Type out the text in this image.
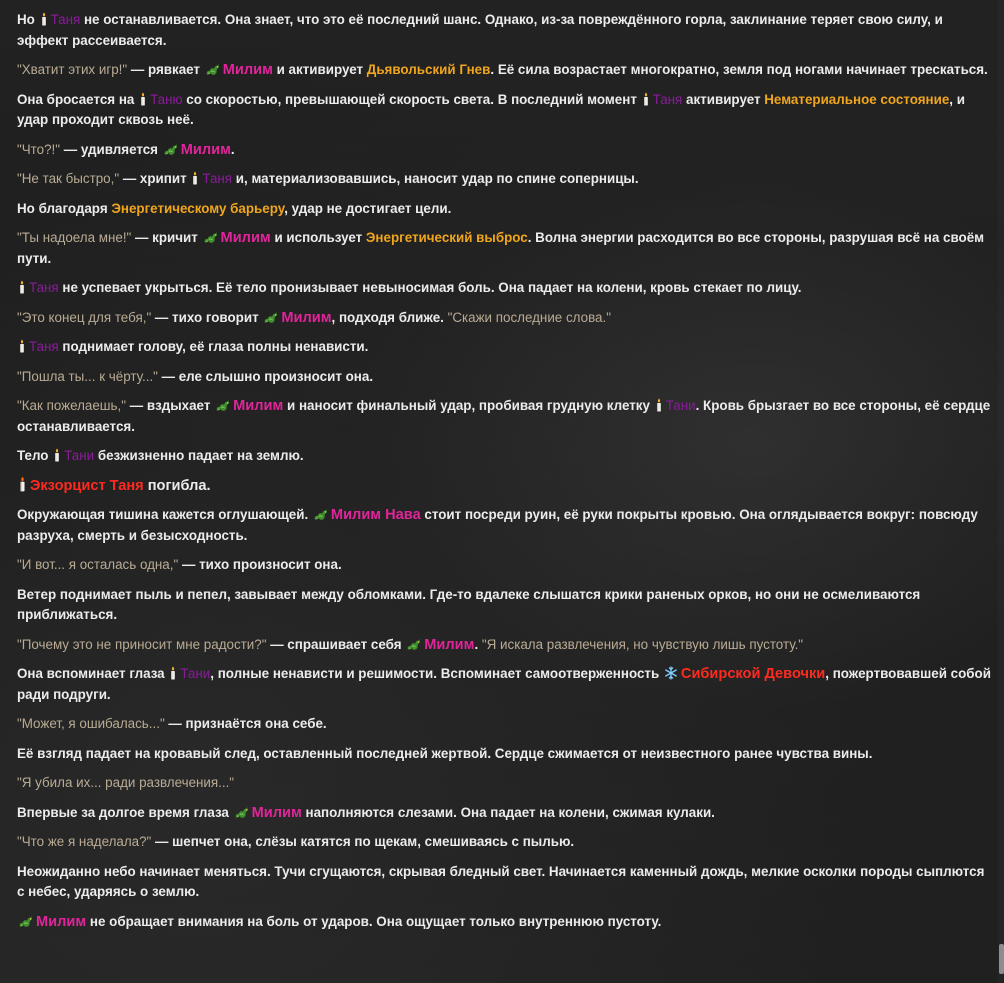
Но
Таня не останавливается. Она знает, что это её последний шанс. Однако, из-за повреждённого горла, заклинание теряет свою силу, и эффект рассеивается.

"Хватит этих игр!" — рявкает
Милим и активирует Дьявольский Гнев. Её сила возрастает многократно, земля под ногами начинает трескаться.

Она бросается на
Таню со скоростью, превышающей скорость света. В последний момент
Таня активирует Нематериальное состояние, и удар проходит сквозь неё.

"Что?!" — удивляется
Милим.

"Не так быстро," — хрипит
Таня и, материализовавшись, наносит удар по спине соперницы.

Но благодаря Энергетическому барьеру, удар не достигает цели.

"Ты надоела мне!" — кричит
Милим и использует Энергетический выброс. Волна энергии расходится во все стороны, разрушая всё на своём пути.

Таня не успевает укрыться. Её тело пронизывает невыносимая боль. Она падает на колени, кровь стекает по лицу.

"Это конец для тебя," — тихо говорит
Милим, подходя ближе. "Скажи последние слова."

Таня поднимает голову, её глаза полны ненависти.

"Пошла ты... к чёрту..." — еле слышно произносит она.

"Как пожелаешь," — вздыхает
Милим и наносит финальный удар, пробивая грудную клетку
Тани. Кровь брызгает во все стороны, её сердце останавливается.

Тело
Тани безжизненно падает на землю.

Экзорцист Таня погибла.

Окружающая тишина кажется оглушающей.
Милим Нава стоит посреди руин, её руки покрыты кровью. Она оглядывается вокруг: повсюду разруха, смерть и безысходность.

"И вот... я осталась одна," — тихо произносит она.

Ветер поднимает пыль и пепел, завывает между обломками. Где-то вдалеке слышатся крики раненых орков, но они не осмеливаются приближаться.

"Почему это не приносит мне радости?" — спрашивает себя
Милим. "Я искала развлечения, но чувствую лишь пустоту."

Она вспоминает глаза
Тани, полные ненависти и решимости. Вспоминает самоотверженность
Сибирской Девочки, пожертвовавшей собой ради подруги.

"Может, я ошибалась..." — признаётся она себе.

Её взгляд падает на кровавый след, оставленный последней жертвой. Сердце сжимается от неизвестного ранее чувства вины.

"Я убила их... ради развлечения..."

Впервые за долгое время глаза
Милим наполняются слезами. Она падает на колени, сжимая кулаки.

"Что же я наделала?" — шепчет она, слёзы катятся по щекам, смешиваясь с пылью.

Неожиданно небо начинает меняться. Тучи сгущаются, скрывая бледный свет. Начинается каменный дождь, мелкие осколки породы сыплются с небес, ударяясь о землю.

Милим не обращает внимания на боль от ударов. Она ощущает только внутреннюю пустоту.
